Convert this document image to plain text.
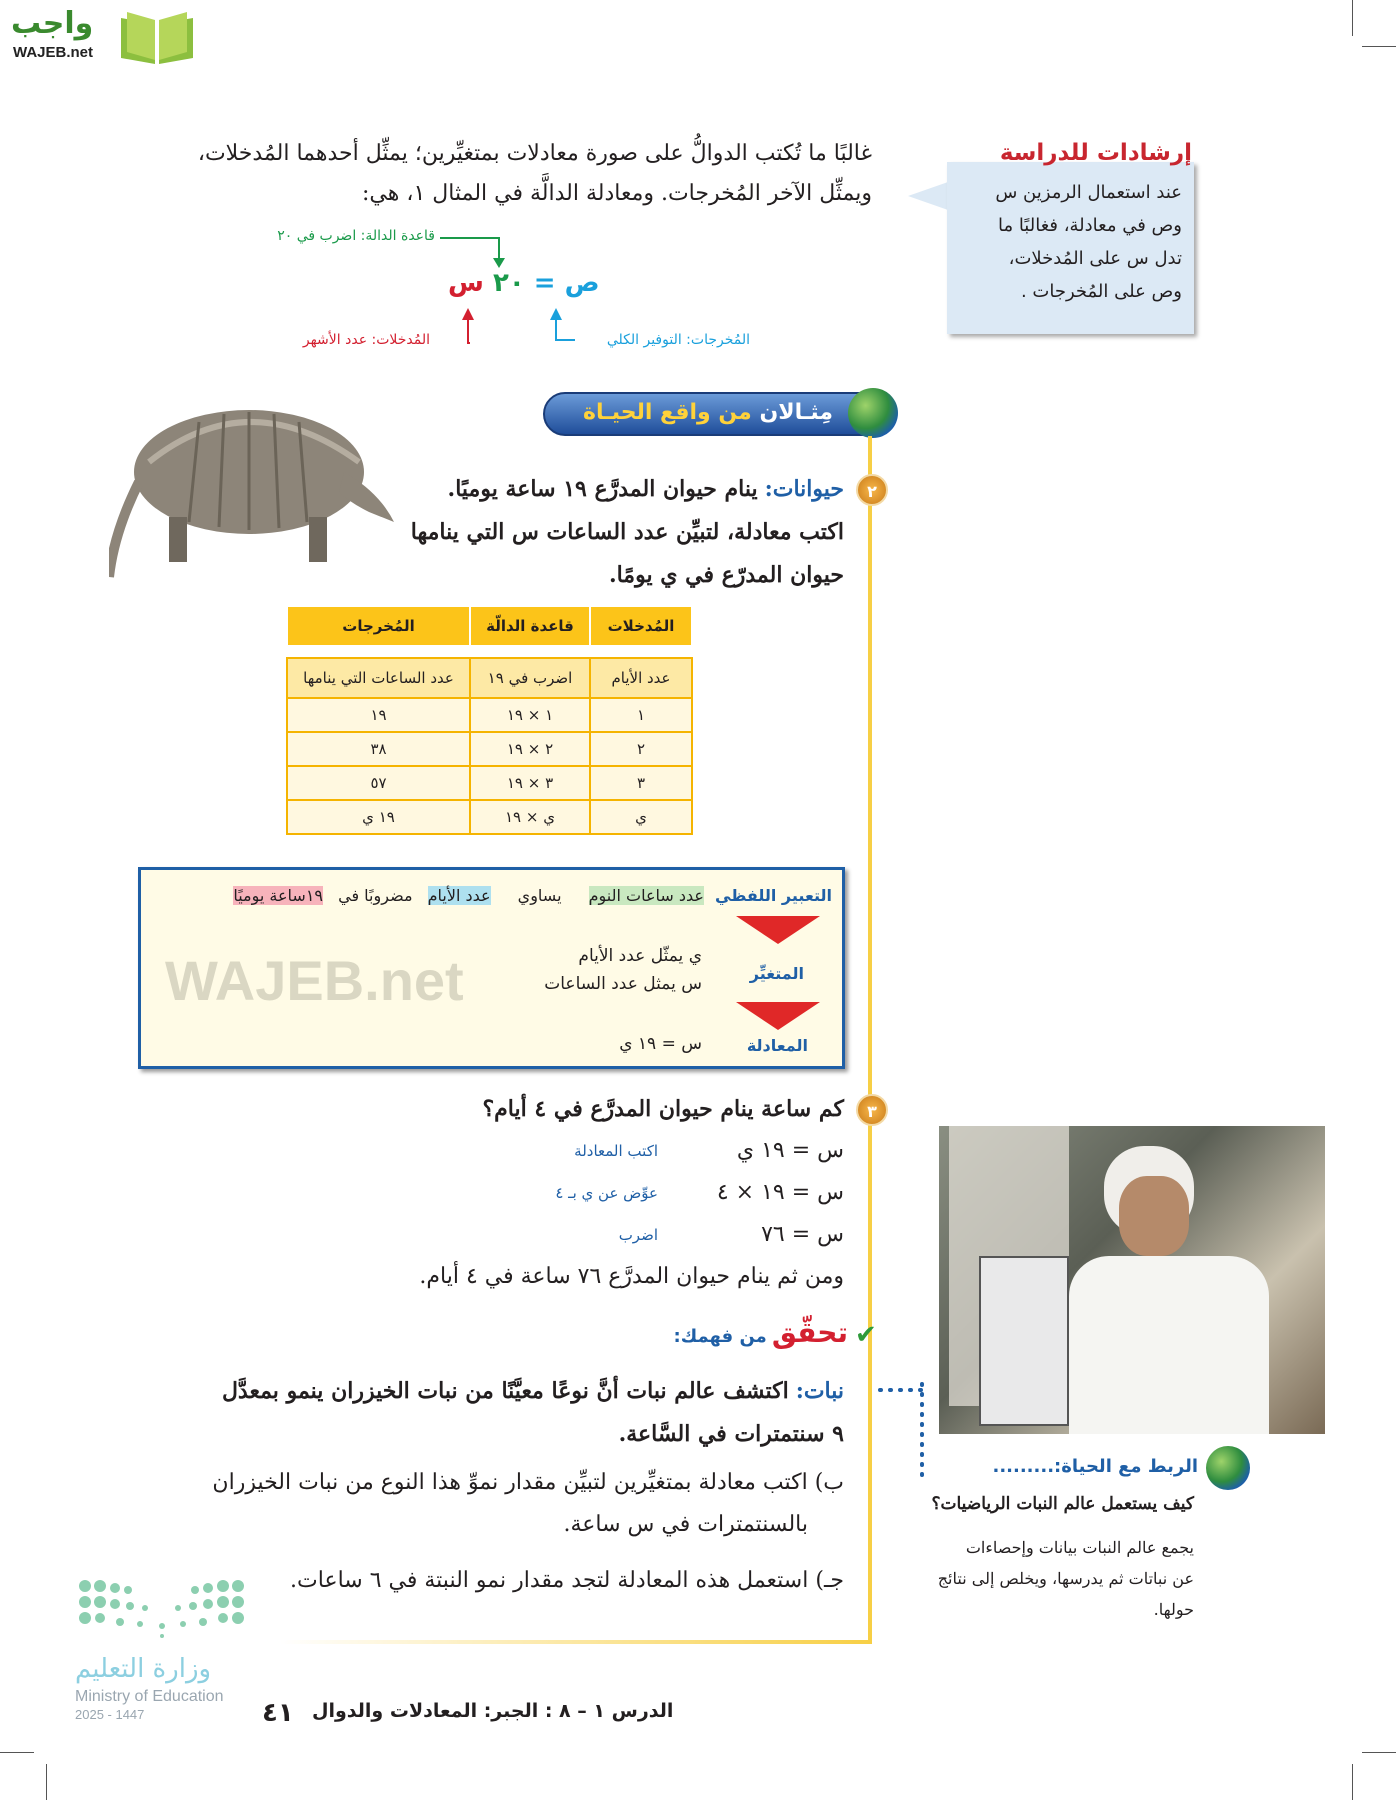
واجب
WAJEB.net

غالبًا ما تُكتب الدوالُّ على صورة معادلات بمتغيِّرين؛ يمثِّل أحدهما المُدخلات، ويمثِّل الآخر المُخرجات. ومعادلة الدالَّة في المثال ١، هي:

قاعدة الدالة: اضرب في ٢٠
ص = ٢٠ س
المُخرجات: التوفير الكلي
المُدخلات: عدد الأشهر
عند استعمال الرمزين س
وص في معادلة، فغالبًا ما
تدل س على المُدخلات،
وص على المُخرجات .
إرشادات للدراسة
مِثـالان من واقع الحيـاة
٢
حيوانات: ينام حيوان المدرَّع ١٩ ساعة يوميًا.
اكتب معادلة، لتبيِّن عدد الساعات س التي ينامها
حيوان المدرّع في ي يومًا.
المُدخلات	قاعدة الدالّة	المُخرجات

عدد الأيام	اضرب في ١٩	عدد الساعات التي ينامها
١	١ × ١٩	١٩
٢	٢ × ١٩	٣٨
٣	٣ × ١٩	٥٧
ي	ي × ١٩	١٩ ي
التعبير اللفظي عدد ساعات النوم يساوي عدد الأيام مضروبًا في ١٩ساعة يوميًا
المتغيِّر
ي يمثّل عدد الأيام
س يمثل عدد الساعات
المعادلة
س = ١٩ ي
WAJEB.net
٣
كم ساعة ينام حيوان المدرَّع في ٤ أيام؟
س = ١٩ ي
اكتب المعادلة
س = ١٩ × ٤
عوِّض عن ي بـ ٤
س = ٧٦
اضرب
ومن ثم ينام حيوان المدرَّع ٧٦ ساعة في ٤ أيام.
✔
تحقّق من فهمك:
نبات: اكتشف عالم نبات أنَّ نوعًا معيَّنًا من نبات الخيزران ينمو بمعدَّل
٩ سنتمترات في السَّاعة.
ب) اكتب معادلة بمتغيِّرين لتبيِّن مقدار نموِّ هذا النوع من نبات الخيزران
بالسنتمترات في س ساعة.
جـ) استعمل هذه المعادلة لتجد مقدار نمو النبتة في ٦ ساعات.
الربط مع الحياة:.........
كيف يستعمل عالم النبات الرياضيات؟
يجمع عالم النبات بيانات وإحصاءات
عن نباتات ثم يدرسها، ويخلص إلى نتائج
حولها.
وزارة التعليم
Ministry of Education
2025 - 1447	٤١ الدرس ١ – ٨ : الجبر: المعادلات والدوال
